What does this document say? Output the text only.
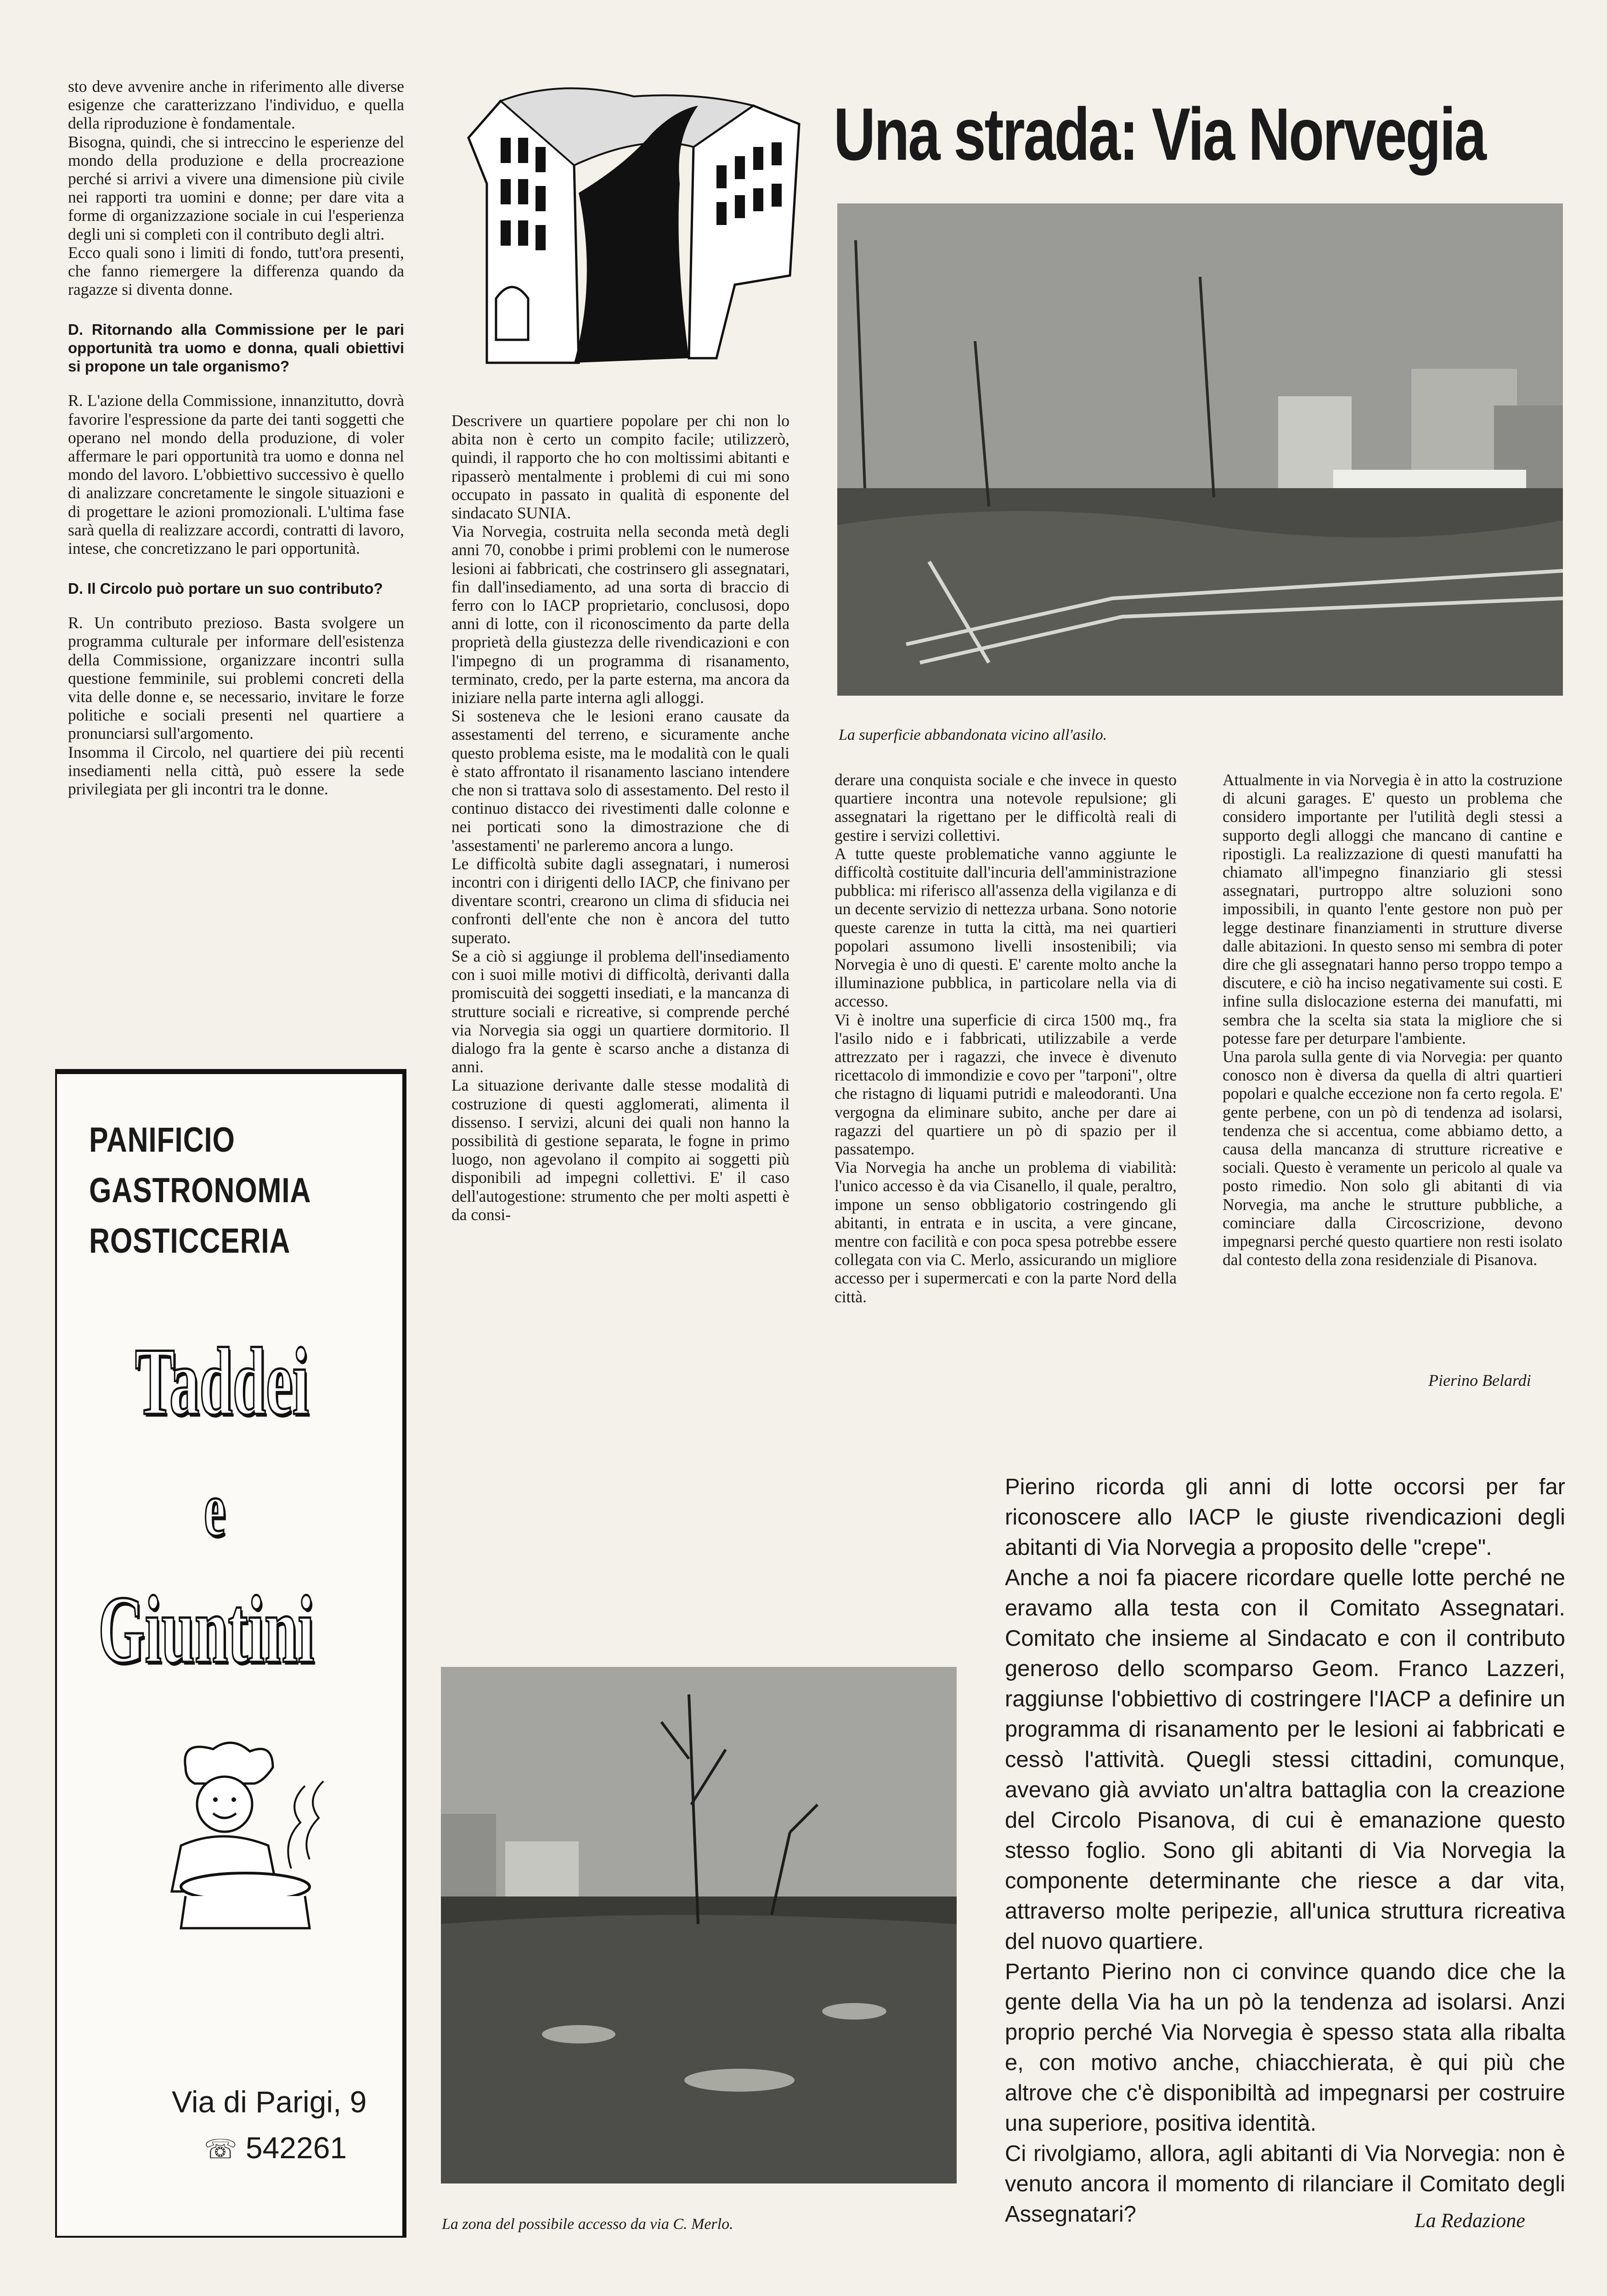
sto deve avvenire anche in riferimento alle diverse esigenze che caratterizzano l'individuo, e quella della riproduzione è fondamentale.

Bisogna, quindi, che si intreccino le esperienze del mondo della produzione e della procreazione perché si arrivi a vivere una dimensione più civile nei rapporti tra uomini e donne; per dare vita a forme di organizzazione sociale in cui l'esperienza degli uni si completi con il contributo degli altri.

Ecco quali sono i limiti di fondo, tutt'ora presenti, che fanno riemergere la differenza quando da ragazze si diventa donne.

D. Ritornando alla Commissione per le pari opportunità tra uomo e donna, quali obiettivi si propone un tale organismo?

R. L'azione della Commissione, innanzitutto, dovrà favorire l'espressione da parte dei tanti soggetti che operano nel mondo della produzione, di voler affermare le pari opportunità tra uomo e donna nel mondo del lavoro. L'obbiettivo successivo è quello di analizzare concretamente le singole situazioni e di progettare le azioni promozionali. L'ultima fase sarà quella di realizzare accordi, contratti di lavoro, intese, che concretizzano le pari opportunità.

D. Il Circolo può portare un suo contributo?

R. Un contributo prezioso. Basta svolgere un programma culturale per informare dell'esistenza della Commissione, organizzare incontri sulla questione femminile, sui problemi concreti della vita delle donne e, se necessario, invitare le forze politiche e sociali presenti nel quartiere a pronunciarsi sull'argomento.

Insomma il Circolo, nel quartiere dei più recenti insediamenti nella città, può essere la sede privilegiata per gli incontri tra le donne.

Una strada: Via Norvegia
La superficie abbandonata vicino all'asilo.

Descrivere un quartiere popolare per chi non lo abita non è certo un compito facile; utilizzerò, quindi, il rapporto che ho con moltissimi abitanti e ripasserò mentalmente i problemi di cui mi sono occupato in passato in qualità di esponente del sindacato SUNIA.

Via Norvegia, costruita nella seconda metà degli anni 70, conobbe i primi problemi con le numerose lesioni ai fabbricati, che costrinsero gli assegnatari, fin dall'insediamento, ad una sorta di braccio di ferro con lo IACP proprietario, conclusosi, dopo anni di lotte, con il riconoscimento da parte della proprietà della giustezza delle rivendicazioni e con l'impegno di un programma di risanamento, terminato, credo, per la parte esterna, ma ancora da iniziare nella parte interna agli alloggi.

Si sosteneva che le lesioni erano causate da assestamenti del terreno, e sicuramente anche questo problema esiste, ma le modalità con le quali è stato affrontato il risanamento lasciano intendere che non si trattava solo di assestamento. Del resto il continuo distacco dei rivestimenti dalle colonne e nei porticati sono la dimostrazione che di 'assestamenti' ne parleremo ancora a lungo.

Le difficoltà subite dagli assegnatari, i numerosi incontri con i dirigenti dello IACP, che finivano per diventare scontri, crearono un clima di sfiducia nei confronti dell'ente che non è ancora del tutto superato.

Se a ciò si aggiunge il problema dell'insediamento con i suoi mille motivi di difficoltà, derivanti dalla promiscuità dei soggetti insediati, e la mancanza di strutture sociali e ricreative, si comprende perché via Norvegia sia oggi un quartiere dormitorio. Il dialogo fra la gente è scarso anche a distanza di anni.

La situazione derivante dalle stesse modalità di costruzione di questi agglomerati, alimenta il dissenso. I servizi, alcuni dei quali non hanno la possibilità di gestione separata, le fogne in primo luogo, non agevolano il compito ai soggetti più disponibili ad impegni collettivi. E' il caso dell'autogestione: strumento che per molti aspetti è da consi-

derare una conquista sociale e che invece in questo quartiere incontra una notevole repulsione; gli assegnatari la rigettano per le difficoltà reali di gestire i servizi collettivi.

A tutte queste problematiche vanno aggiunte le difficoltà costituite dall'incuria dell'amministrazione pubblica: mi riferisco all'assenza della vigilanza e di un decente servizio di nettezza urbana. Sono notorie queste carenze in tutta la città, ma nei quartieri popolari assumono livelli insostenibili; via Norvegia è uno di questi. E' carente molto anche la illuminazione pubblica, in particolare nella via di accesso.

Vi è inoltre una superficie di circa 1500 mq., fra l'asilo nido e i fabbricati, utilizzabile a verde attrezzato per i ragazzi, che invece è divenuto ricettacolo di immondizie e covo per "tarponi", oltre che ristagno di liquami putridi e maleodoranti. Una vergogna da eliminare subito, anche per dare ai ragazzi del quartiere un pò di spazio per il passatempo.

Via Norvegia ha anche un problema di viabilità: l'unico accesso è da via Cisanello, il quale, peraltro, impone un senso obbligatorio costringendo gli abitanti, in entrata e in uscita, a vere gincane, mentre con facilità e con poca spesa potrebbe essere collegata con via C. Merlo, assicurando un migliore accesso per i supermercati e con la parte Nord della città.

Attualmente in via Norvegia è in atto la costruzione di alcuni garages. E' questo un problema che considero importante per l'utilità degli stessi a supporto degli alloggi che mancano di cantine e ripostigli. La realizzazione di questi manufatti ha chiamato all'impegno finanziario gli stessi assegnatari, purtroppo altre soluzioni sono impossibili, in quanto l'ente gestore non può per legge destinare finanziamenti in strutture diverse dalle abitazioni. In questo senso mi sembra di poter dire che gli assegnatari hanno perso troppo tempo a discutere, e ciò ha inciso negativamente sui costi. E infine sulla dislocazione esterna dei manufatti, mi sembra che la scelta sia stata la migliore che si potesse fare per deturpare l'ambiente.

Una parola sulla gente di via Norvegia: per quanto conosco non è diversa da quella di altri quartieri popolari e qualche eccezione non fa certo regola. E' gente perbene, con un pò di tendenza ad isolarsi, tendenza che si accentua, come abbiamo detto, a causa della mancanza di strutture ricreative e sociali. Questo è veramente un pericolo al quale va posto rimedio. Non solo gli abitanti di via Norvegia, ma anche le strutture pubbliche, a cominciare dalla Circoscrizione, devono impegnarsi perché questo quartiere non resti isolato dal contesto della zona residenziale di Pisanova.

Pierino Belardi
PANIFICIO
GASTRONOMIA
ROSTICCERIA
Taddei
e
Giuntini
Via di Parigi, 9
☏ 542261
La zona del possibile accesso da via C. Merlo.

Pierino ricorda gli anni di lotte occorsi per far riconoscere allo IACP le giuste rivendicazioni degli abitanti di Via Norvegia a proposito delle "crepe".

Anche a noi fa piacere ricordare quelle lotte perché ne eravamo alla testa con il Comitato Assegnatari. Comitato che insieme al Sindacato e con il contributo generoso dello scomparso Geom. Franco Lazzeri, raggiunse l'obbiettivo di costringere l'IACP a definire un programma di risanamento per le lesioni ai fabbricati e cessò l'attività. Quegli stessi cittadini, comunque, avevano già avviato un'altra battaglia con la creazione del Circolo Pisanova, di cui è emanazione questo stesso foglio. Sono gli abitanti di Via Norvegia la componente determinante che riesce a dar vita, attraverso molte peripezie, all'unica struttura ricreativa del nuovo quartiere.

Pertanto Pierino non ci convince quando dice che la gente della Via ha un pò la tendenza ad isolarsi. Anzi proprio perché Via Norvegia è spesso stata alla ribalta e, con motivo anche, chiacchierata, è qui più che altrove che c'è disponibiltà ad impegnarsi per costruire una superiore, positiva identità.

Ci rivolgiamo, allora, agli abitanti di Via Norvegia: non è venuto ancora il momento di rilanciare il Comitato degli Assegnatari?	La Redazione
